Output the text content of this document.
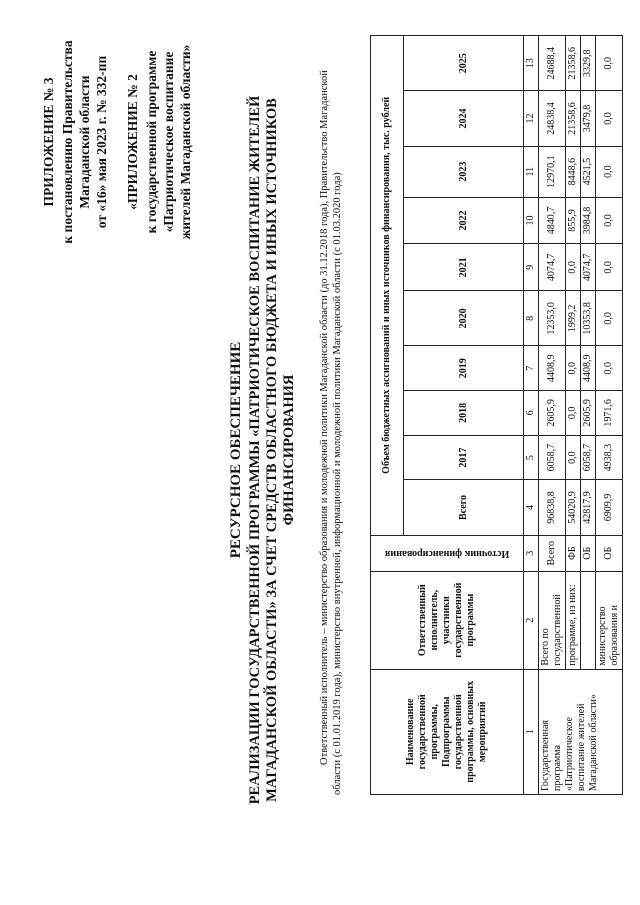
ПРИЛОЖЕНИЕ № 3 к постановлению Правительства Магаданской области от «16» мая 2023 г. № 332-пп «ПРИЛОЖЕНИЕ № 2 к государственной программе «Патриотическое воспитание жителей Магаданской области»
РЕСУРСНОЕ ОБЕСПЕЧЕНИЕ РЕАЛИЗАЦИИ ГОСУДАРСТВЕННОЙ ПРОГРАММЫ «ПАТРИОТИЧЕСКОЕ ВОСПИТАНИЕ ЖИТЕЛЕЙ МАГАДАНСКОЙ ОБЛАСТИ» ЗА СЧЕТ СРЕДСТВ ОБЛАСТНОГО БЮДЖЕТА И ИНЫХ ИСТОЧНИКОВ ФИНАНСИРОВАНИЯ Ответственный исполнитель – министерство образования и молодежной политики Магаданской области (до 31.12.2018 года), Правительство Магаданской области (с 01.01.2019 года), министерство внутренней, информационной и молодежной политики Магаданской области (с 01.03.2020 года)	Наименование государственной программы, Подпрограммы государственной программы, основных мероприятий	Ответственный исполнитель, участники государственной программы	Источник финансирования	Объем бюджетных ассигнований и иных источников финансирования, тыс. рублей									
			Всего	2017	2018	2019	2020	2021	2022	2023	2024	2025
1	2	3	4	5	6	7	8	9	10	11	12	13
Государственная программа «Патриотическое воспитание жителей Магаданской области»	Всего по государственной	Всего	96838,8	6058,7	2605,9	4408,9	12353,0	4074,7	4840,7	12970,1	24838,4	24688,4
	программе, из них:	ФБ	54020,9	0,0	0,0	0,0	1999,2	0,0	855,9	8448,6	21358,6	21358,6
		ОБ	42817,9	6058,7	2605,9	4408,9	10353,8	4074,7	3984,8	4521,5	3479,8	3329,8
	министерство образования и	ОБ	6909,9	4938,3	1971,6	0,0	0,0	0,0	0,0	0,0	0,0	0,0
